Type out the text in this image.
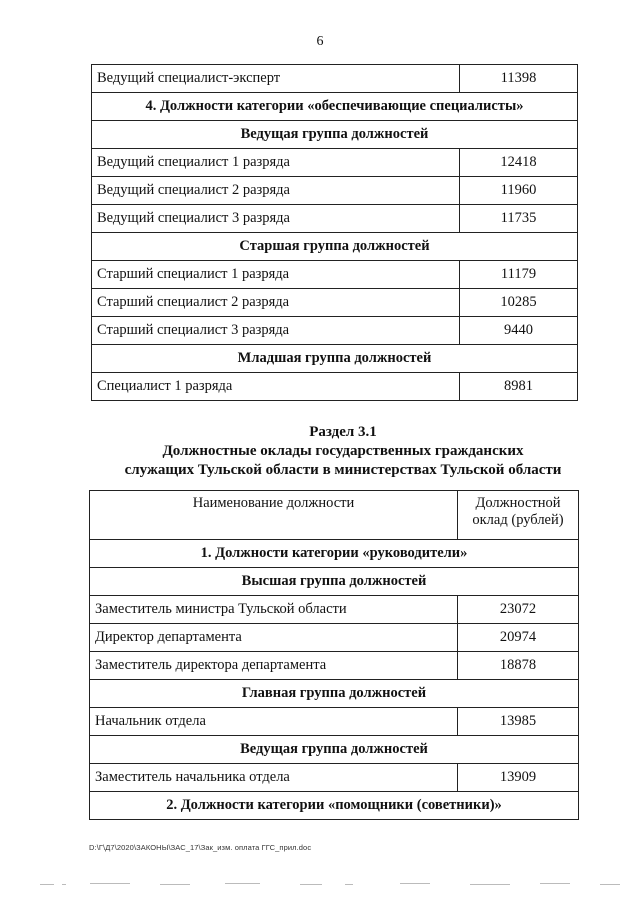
6
Ведущий специалист-эксперт	11398
4. Должности категории «обеспечивающие специалисты»	
Ведущая группа должностей	
Ведущий специалист 1 разряда	12418
Ведущий специалист 2 разряда	11960
Ведущий специалист 3 разряда	11735
Старшая группа должностей	
Старший специалист 1 разряда	11179
Старший специалист 2 разряда	10285
Старший специалист 3 разряда	9440
Младшая группа должностей	
Специалист 1 разряда	8981
Раздел 3.1
Должностные оклады государственных гражданских
служащих Тульской области в министерствах Тульской области
Наименование должности	Должностной
оклад (рублей)

1. Должности категории «руководители»	
Высшая группа должностей	
Заместитель министра Тульской области	23072
Директор департамента	20974
Заместитель директора департамента	18878
Главная группа должностей	
Начальник отдела	13985
Ведущая группа должностей	
Заместитель начальника отдела	13909
2. Должности категории «помощники (советники)»	
D:\Г\Д7\2020\ЗАКОНЫ\ЗАС_17\Зак_изм. оплата ГГС_прил.doc
